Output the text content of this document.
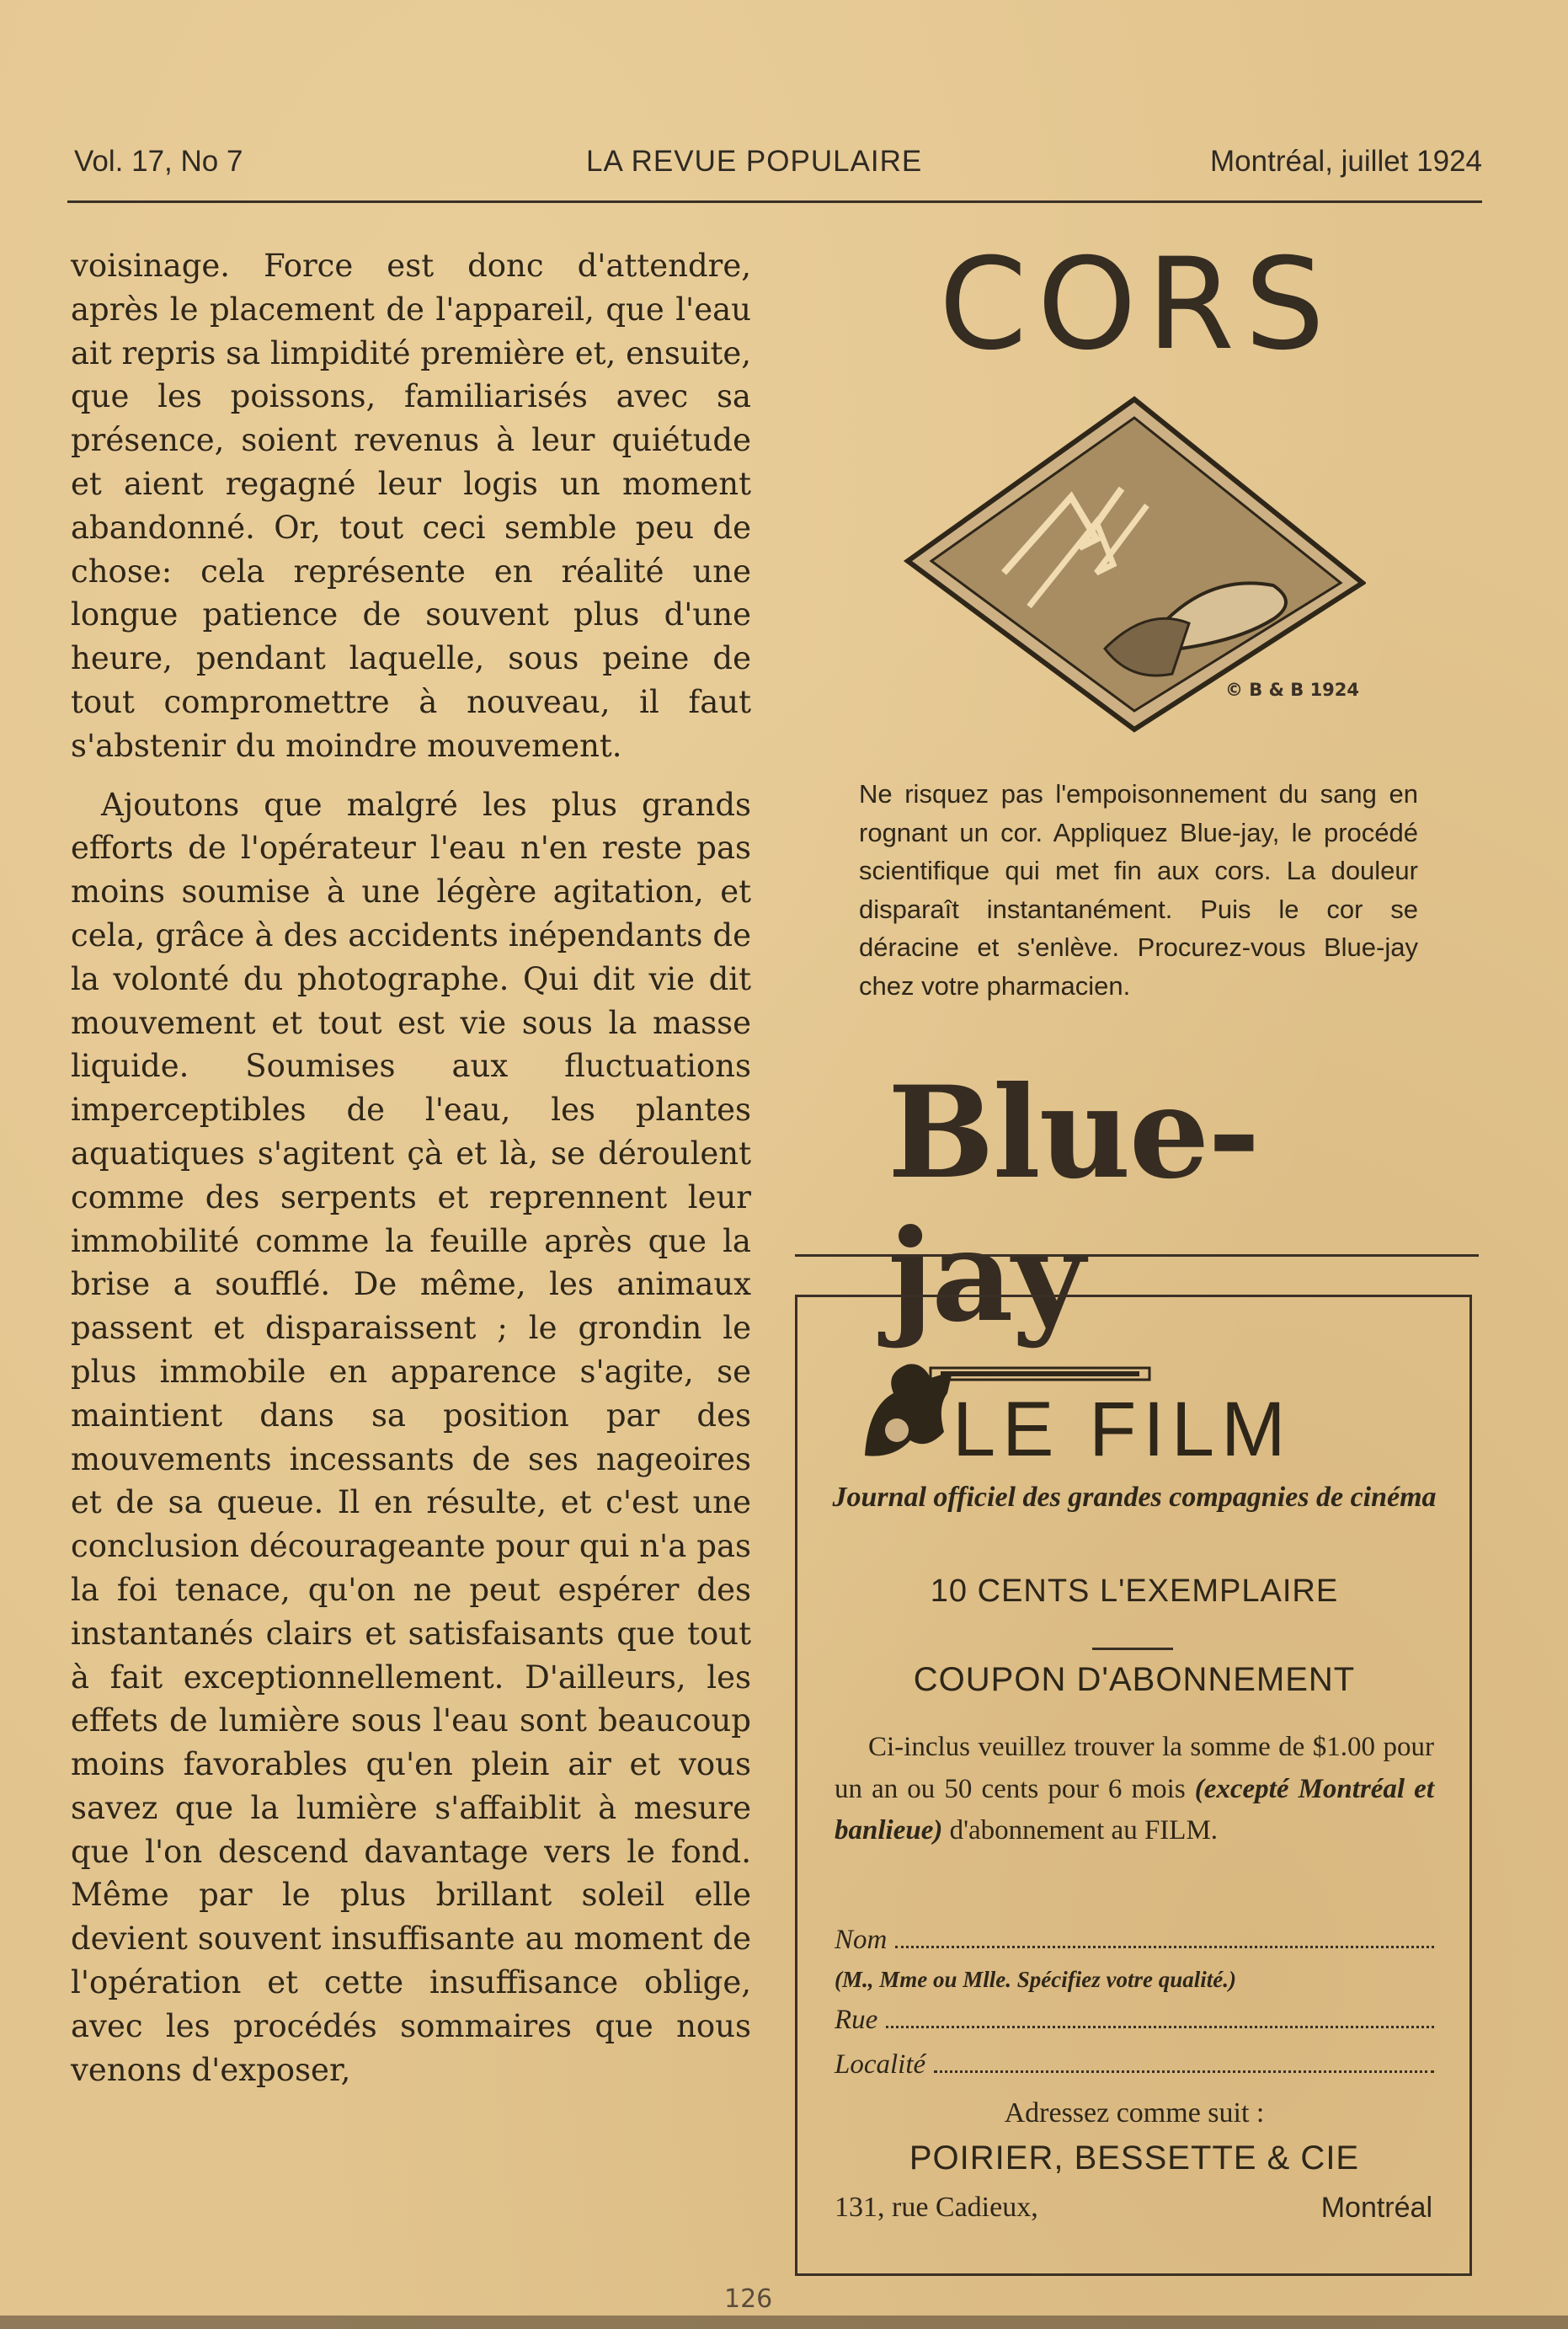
Vol. 17, No 7	LA REVUE POPULAIRE	Montréal, juillet 1924

voisinage. Force est donc d'attendre, après le placement de l'appareil, que l'eau ait repris sa limpidité première et, ensuite, que les poissons, familiarisés avec sa présence, soient revenus à leur quiétude et aient regagné leur logis un moment abandonné. Or, tout ceci semble peu de chose: cela représente en réalité une longue patience de souvent plus d'une heure, pendant laquelle, sous peine de tout compromettre à nouveau, il faut s'abstenir du moindre mouvement.

Ajoutons que malgré les plus grands efforts de l'opérateur l'eau n'en reste pas moins soumise à une légère agitation, et cela, grâce à des accidents inépendants de la volonté du photographe. Qui dit vie dit mouvement et tout est vie sous la masse liquide. Soumises aux fluctuations imperceptibles de l'eau, les plantes aquatiques s'agitent çà et là, se déroulent comme des serpents et reprennent leur immobilité comme la feuille après que la brise a soufflé. De même, les animaux passent et disparaissent ; le grondin le plus immobile en apparence s'agite, se maintient dans sa position par des mouvements incessants de ses nageoires et de sa queue. Il en résulte, et c'est une conclusion décourageante pour qui n'a pas la foi tenace, qu'on ne peut espérer des instantanés clairs et satisfaisants que tout à fait exceptionnellement. D'ailleurs, les effets de lumière sous l'eau sont beaucoup moins favorables qu'en plein air et vous savez que la lumière s'affaiblit à mesure que l'on descend davantage vers le fond. Même par le plus brillant soleil elle devient souvent insuffisante au moment de l'opération et cette insuffisance oblige, avec les procédés sommaires que nous venons d'exposer,

CORS
© B & B 1924
Ne risquez pas l'empoisonnement du sang en rognant un cor. Appliquez Blue-jay, le procédé scientifique qui met fin aux cors. La douleur disparaît instantanément. Puis le cor se déracine et s'enlève. Procurez-vous Blue-jay chez votre pharmacien.
Blue-jay
LE FILM
Journal officiel des grandes compagnies de cinéma
10 CENTS L'EXEMPLAIRE
COUPON D'ABONNEMENT
Ci-inclus veuillez trouver la somme de $1.00 pour un an ou 50 cents pour 6 mois (excepté Montréal et banlieue) d'abonnement au FILM.
Nom
(M., Mme ou Mlle. Spécifiez votre qualité.)
Rue
Localité
Adressez comme suit :
POIRIER, BESSETTE & CIE
131, rue Cadieux,	Montréal
126
